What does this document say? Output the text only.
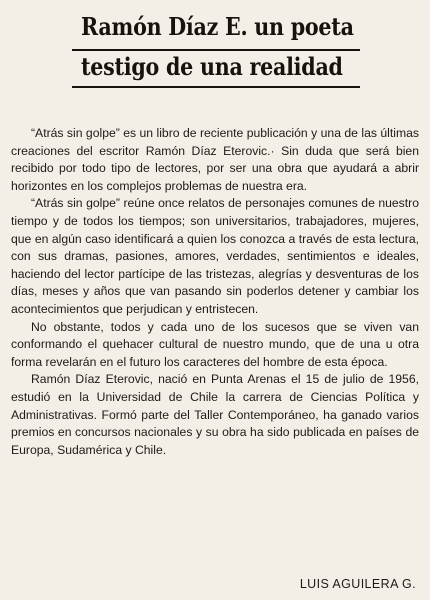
Ramón Díaz E. un poeta
testigo de una realidad

“Atrás sin golpe” es un libro de reciente publicación y una de las últimas creaciones del escritor Ramón Díaz Eterovic.· Sin duda que será bien recibido por todo tipo de lectores, por ser una obra que ayudará a abrir horizontes en los complejos problemas de nuestra era.

“Atrás sin golpe” reúne once relatos de personajes comunes de nuestro tiempo y de todos los tiempos; son universitarios, trabajadores, mujeres, que en algún caso identificará a quien los conozca a través de esta lectura, con sus dramas, pasiones, amores, verdades, sentimientos e ideales, haciendo del lector partícipe de las tristezas, alegrías y desventuras de los días, meses y años que van pasando sin poderlos detener y cambiar los acontecimientos que perjudican y entristecen.

No obstante, todos y cada uno de los sucesos que se viven van conformando el quehacer cultural de nuestro mundo, que de una u otra forma revelarán en el futuro los caracteres del hombre de esta época.

Ramón Díaz Eterovic, nació en Punta Arenas el 15 de julio de 1956, estudió en la Universidad de Chile la carrera de Ciencias Política y Administrativas. Formó parte del Taller Contemporáneo, ha ganado varios premios en concursos nacionales y su obra ha sido publicada en países de Europa, Sudamérica y Chile.

LUIS AGUILERA G.
